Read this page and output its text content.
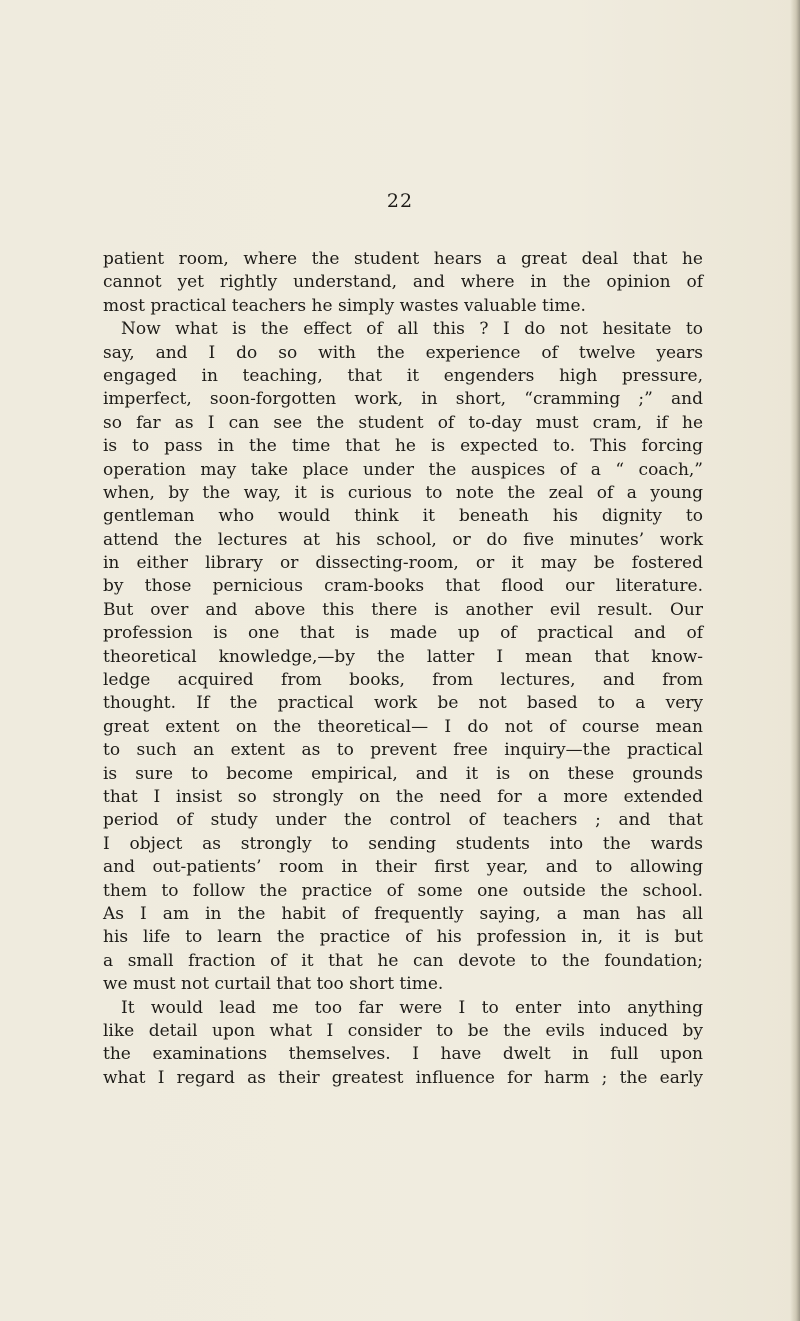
22
patient room, where the student hears a great deal that he
cannot yet rightly understand, and where in the opinion of
most practical teachers he simply wastes valuable time.
Now what is the effect of all this ? I do not hesitate to
say, and I do so with the experience of twelve years
engaged in teaching, that it engenders high pressure,
imperfect, soon-forgotten work, in short, “cramming ;” and
so far as I can see the student of to-day must cram, if he
is to pass in the time that he is expected to. This forcing
operation may take place under the auspices of a “ coach,”
when, by the way, it is curious to note the zeal of a young
gentleman who would think it beneath his dignity to
attend the lectures at his school, or do five minutes’ work
in either library or dissecting-room, or it may be fostered
by those pernicious cram-books that flood our literature.
But over and above this there is another evil result. Our
profession is one that is made up of practical and of
theoretical knowledge,—by the latter I mean that know-
ledge acquired from books, from lectures, and from
thought. If the practical work be not based to a very
great extent on the theoretical— I do not of course mean
to such an extent as to prevent free inquiry—the practical
is sure to become empirical, and it is on these grounds
that I insist so strongly on the need for a more extended
period of study under the control of teachers ; and that
I object as strongly to sending students into the wards
and out-patients’ room in their first year, and to allowing
them to follow the practice of some one outside the school.
As I am in the habit of frequently saying, a man has all
his life to learn the practice of his profession in, it is but
a small fraction of it that he can devote to the foundation;
we must not curtail that too short time.
It would lead me too far were I to enter into anything
like detail upon what I consider to be the evils induced by
the examinations themselves. I have dwelt in full upon
what I regard as their greatest influence for harm ; the early
